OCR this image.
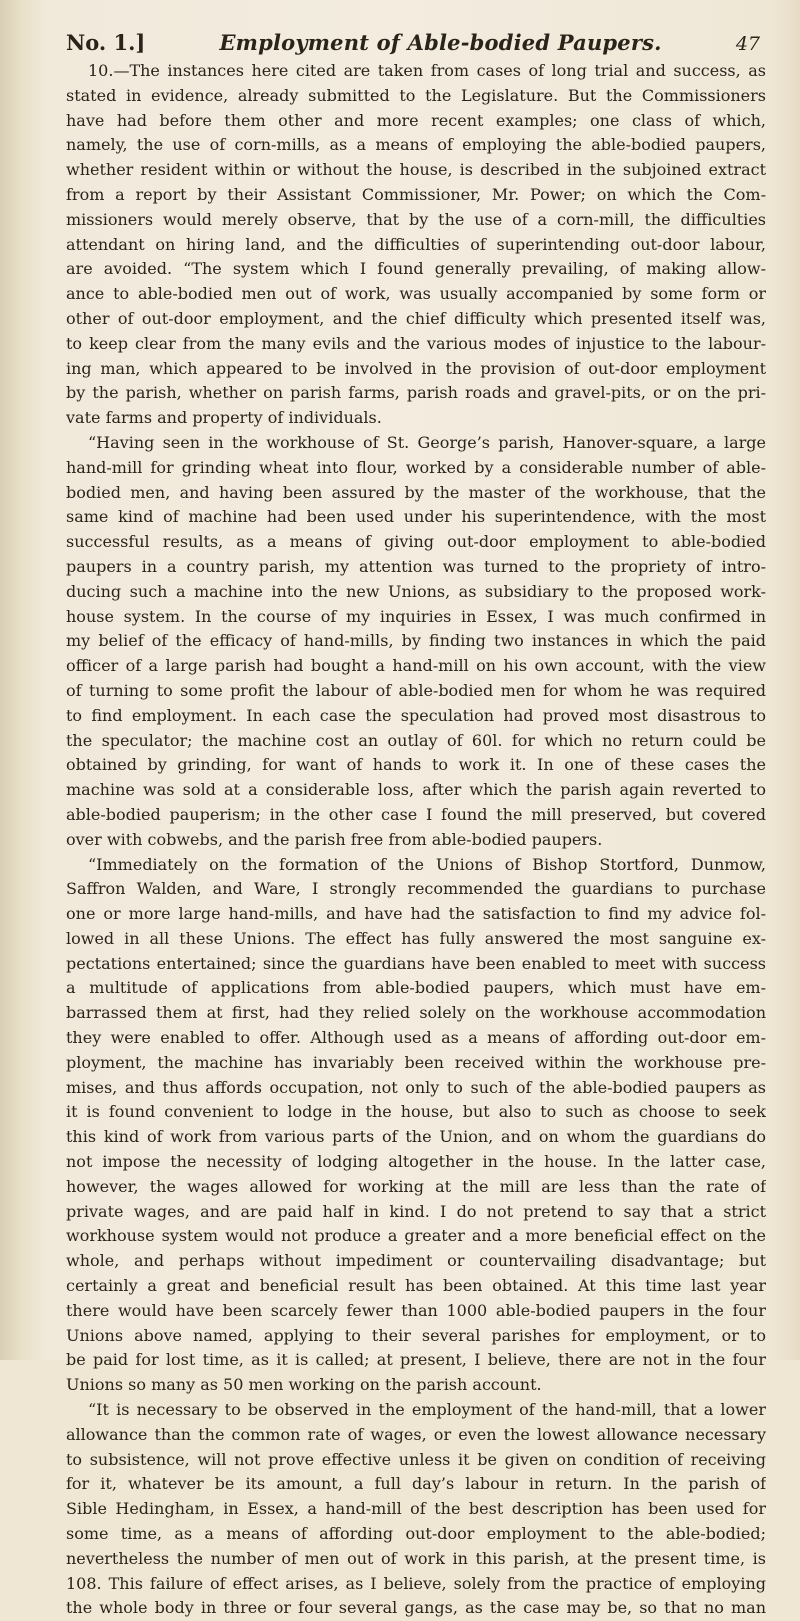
No. 1.]	Employment of Able-bodied Paupers.	47
10.—The instances here cited are taken from cases of long trial and success, as
stated in evidence, already submitted to the Legislature. But the Commissioners
have had before them other and more recent examples; one class of which,
namely, the use of corn-mills, as a means of employing the able-bodied paupers,
whether resident within or without the house, is described in the subjoined extract
from a report by their Assistant Commissioner, Mr. Power; on which the Com-
missioners would merely observe, that by the use of a corn-mill, the difficulties
attendant on hiring land, and the difficulties of superintending out-door labour,
are avoided. “The system which I found generally prevailing, of making allow-
ance to able-bodied men out of work, was usually accompanied by some form or
other of out-door employment, and the chief difficulty which presented itself was,
to keep clear from the many evils and the various modes of injustice to the labour-
ing man, which appeared to be involved in the provision of out-door employment
by the parish, whether on parish farms, parish roads and gravel-pits, or on the pri-
vate farms and property of individuals.
“Having seen in the workhouse of St. George’s parish, Hanover-square, a large
hand-mill for grinding wheat into flour, worked by a considerable number of able-
bodied men, and having been assured by the master of the workhouse, that the
same kind of machine had been used under his superintendence, with the most
successful results, as a means of giving out-door employment to able-bodied
paupers in a country parish, my attention was turned to the propriety of intro-
ducing such a machine into the new Unions, as subsidiary to the proposed work-
house system. In the course of my inquiries in Essex, I was much confirmed in
my belief of the efficacy of hand-mills, by finding two instances in which the paid
officer of a large parish had bought a hand-mill on his own account, with the view
of turning to some profit the labour of able-bodied men for whom he was required
to find employment. In each case the speculation had proved most disastrous to
the speculator; the machine cost an outlay of 60l. for which no return could be
obtained by grinding, for want of hands to work it. In one of these cases the
machine was sold at a considerable loss, after which the parish again reverted to
able-bodied pauperism; in the other case I found the mill preserved, but covered
over with cobwebs, and the parish free from able-bodied paupers.
“Immediately on the formation of the Unions of Bishop Stortford, Dunmow,
Saffron Walden, and Ware, I strongly recommended the guardians to purchase
one or more large hand-mills, and have had the satisfaction to find my advice fol-
lowed in all these Unions. The effect has fully answered the most sanguine ex-
pectations entertained; since the guardians have been enabled to meet with success
a multitude of applications from able-bodied paupers, which must have em-
barrassed them at first, had they relied solely on the workhouse accommodation
they were enabled to offer. Although used as a means of affording out-door em-
ployment, the machine has invariably been received within the workhouse pre-
mises, and thus affords occupation, not only to such of the able-bodied paupers as
it is found convenient to lodge in the house, but also to such as choose to seek
this kind of work from various parts of the Union, and on whom the guardians do
not impose the necessity of lodging altogether in the house. In the latter case,
however, the wages allowed for working at the mill are less than the rate of
private wages, and are paid half in kind. I do not pretend to say that a strict
workhouse system would not produce a greater and a more beneficial effect on the
whole, and perhaps without impediment or countervailing disadvantage; but
certainly a great and beneficial result has been obtained. At this time last year
there would have been scarcely fewer than 1000 able-bodied paupers in the four
Unions above named, applying to their several parishes for employment, or to
be paid for lost time, as it is called; at present, I believe, there are not in the four
Unions so many as 50 men working on the parish account.
“It is necessary to be observed in the employment of the hand-mill, that a lower
allowance than the common rate of wages, or even the lowest allowance necessary
to subsistence, will not prove effective unless it be given on condition of receiving
for it, whatever be its amount, a full day’s labour in return. In the parish of
Sible Hedingham, in Essex, a hand-mill of the best description has been used for
some time, as a means of affording out-door employment to the able-bodied;
nevertheless the number of men out of work in this parish, at the present time, is
108. This failure of effect arises, as I believe, solely from the practice of employing
the whole body in three or four several gangs, as the case may be, so that no man
